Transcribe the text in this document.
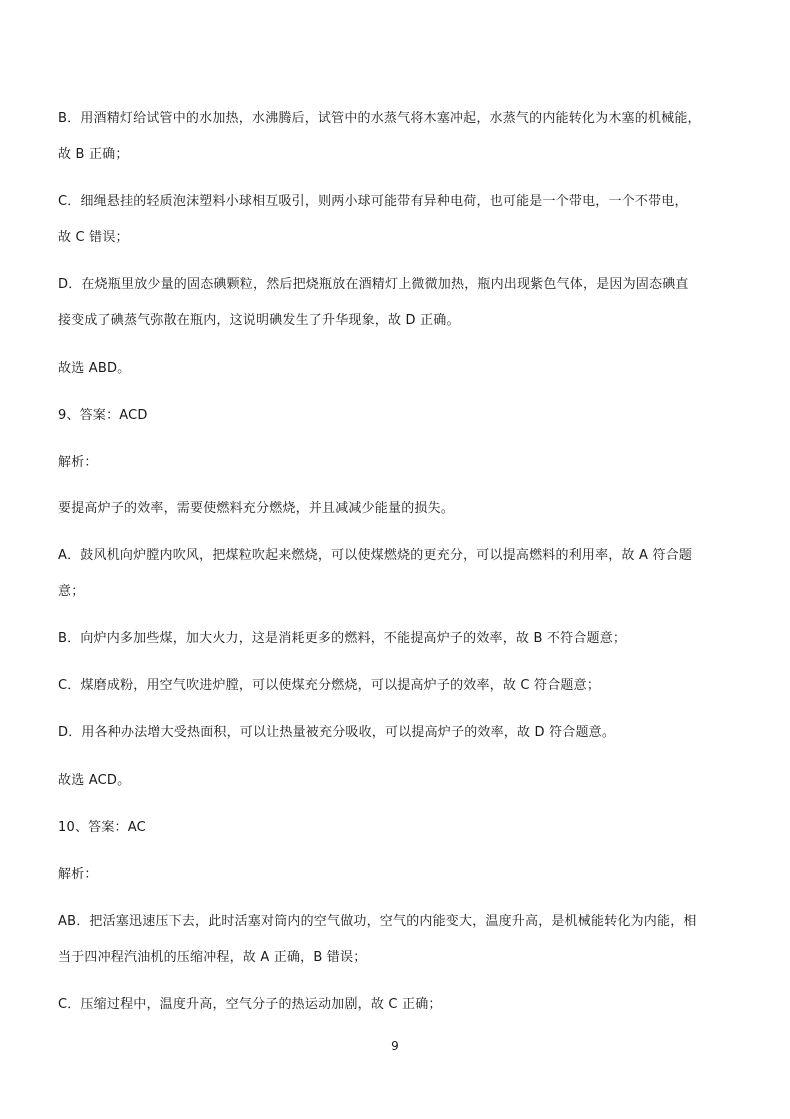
B．用酒精灯给试管中的水加热，水沸腾后，试管中的水蒸气将木塞冲起，水蒸气的内能转化为木塞的机械能，
故 B 正确；
C．细绳悬挂的轻质泡沫塑料小球相互吸引，则两小球可能带有异种电荷，也可能是一个带电，一个不带电，
故 C 错误；
D．在烧瓶里放少量的固态碘颗粒，然后把烧瓶放在酒精灯上微微加热，瓶内出现紫色气体，是因为固态碘直
接变成了碘蒸气弥散在瓶内，这说明碘发生了升华现象，故 D 正确。
故选 ABD。
9、答案：ACD
解析：
要提高炉子的效率，需要使燃料充分燃烧，并且减减少能量的损失。
A．鼓风机向炉膛内吹风，把煤粒吹起来燃烧，可以使煤燃烧的更充分，可以提高燃料的利用率，故 A 符合题
意；
B．向炉内多加些煤，加大火力，这是消耗更多的燃料，不能提高炉子的效率，故 B 不符合题意；
C．煤磨成粉，用空气吹进炉膛，可以使煤充分燃烧，可以提高炉子的效率，故 C 符合题意；
D．用各种办法增大受热面积，可以让热量被充分吸收，可以提高炉子的效率，故 D 符合题意。
故选 ACD。
10、答案：AC
解析：
AB．把活塞迅速压下去，此时活塞对筒内的空气做功，空气的内能变大，温度升高，是机械能转化为内能，相
当于四冲程汽油机的压缩冲程，故 A 正确，B 错误；
C．压缩过程中，温度升高，空气分子的热运动加剧，故 C 正确；
9
